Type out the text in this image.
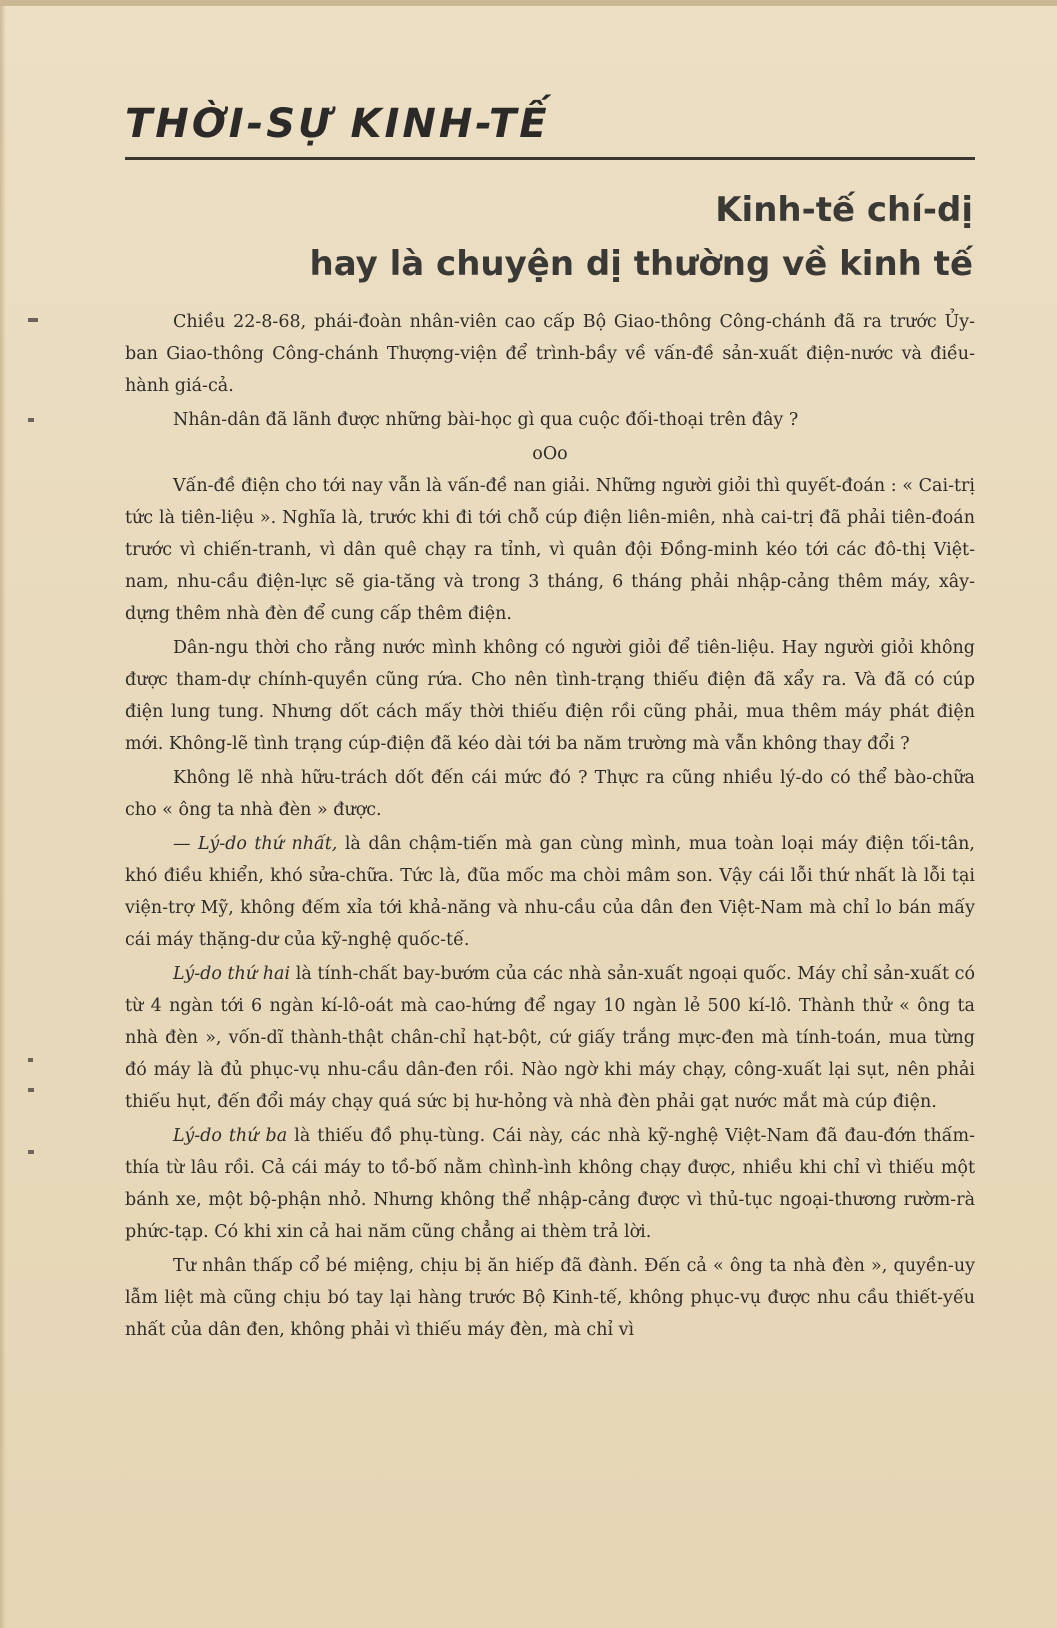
THỜI-SỰ KINH-TẾ
Kinh-tế chí-dị
hay là chuyện dị thường về kinh tế

Chiều 22-8-68, phái-đoàn nhân-viên cao cấp Bộ Giao-thông Công-chánh đã ra trước Ủy-ban Giao-thông Công-chánh Thượng-viện để trình-bầy về vấn-đề sản-xuất điện-nước và điều-hành giá-cả.

Nhân-dân đã lãnh được những bài-học gì qua cuộc đối-thoại trên đây ?

oOo

Vấn-đề điện cho tới nay vẫn là vấn-đề nan giải. Những người giỏi thì quyết-đoán : « Cai-trị tức là tiên-liệu ». Nghĩa là, trước khi đi tới chỗ cúp điện liên-miên, nhà cai-trị đã phải tiên-đoán trước vì chiến-tranh, vì dân quê chạy ra tỉnh, vì quân đội Đồng-minh kéo tới các đô-thị Việt-nam, nhu-cầu điện-lực sẽ gia-tăng và trong 3 tháng, 6 tháng phải nhập-cảng thêm máy, xây-dựng thêm nhà đèn để cung cấp thêm điện.

Dân-ngu thời cho rằng nước mình không có người giỏi để tiên-liệu. Hay người giỏi không được tham-dự chính-quyền cũng rứa. Cho nên tình-trạng thiếu điện đã xẩy ra. Và đã có cúp điện lung tung. Nhưng dốt cách mấy thời thiếu điện rồi cũng phải, mua thêm máy phát điện mới. Không-lẽ tình trạng cúp-điện đã kéo dài tới ba năm trường mà vẫn không thay đổi ?

Không lẽ nhà hữu-trách dốt đến cái mức đó ? Thực ra cũng nhiều lý-do có thể bào-chữa cho « ông ta nhà đèn » được.

— Lý-do thứ nhất, là dân chậm-tiến mà gan cùng mình, mua toàn loại máy điện tối-tân, khó điều khiển, khó sửa-chữa. Tức là, đũa mốc ma chòi mâm son. Vậy cái lỗi thứ nhất là lỗi tại viện-trợ Mỹ, không đếm xỉa tới khả-năng và nhu-cầu của dân đen Việt-Nam mà chỉ lo bán mấy cái máy thặng-dư của kỹ-nghệ quốc-tế.

Lý-do thứ hai là tính-chất bay-bướm của các nhà sản-xuất ngoại quốc. Máy chỉ sản-xuất có từ 4 ngàn tới 6 ngàn kí-lô-oát mà cao-hứng để ngay 10 ngàn lẻ 500 kí-lô. Thành thử « ông ta nhà đèn », vốn-dĩ thành-thật chân-chỉ hạt-bột, cứ giấy trắng mực-đen mà tính-toán, mua từng đó máy là đủ phục-vụ nhu-cầu dân-đen rồi. Nào ngờ khi máy chạy, công-xuất lại sụt, nên phải thiếu hụt, đến đổi máy chạy quá sức bị hư-hỏng và nhà đèn phải gạt nước mắt mà cúp điện.

Lý-do thứ ba là thiếu đồ phụ-tùng. Cái này, các nhà kỹ-nghệ Việt-Nam đã đau-đớn thấm-thía từ lâu rồi. Cả cái máy to tồ-bố nằm chình-ình không chạy được, nhiều khi chỉ vì thiếu một bánh xe, một bộ-phận nhỏ. Nhưng không thể nhập-cảng được vì thủ-tục ngoại-thương rườm-rà phức-tạp. Có khi xin cả hai năm cũng chẳng ai thèm trả lời.

Tư nhân thấp cổ bé miệng, chịu bị ăn hiếp đã đành. Đến cả « ông ta nhà đèn », quyền-uy lẫm liệt mà cũng chịu bó tay lại hàng trước Bộ Kinh-tế, không phục-vụ được nhu cầu thiết-yếu nhất của dân đen, không phải vì thiếu máy đèn, mà chỉ vì
